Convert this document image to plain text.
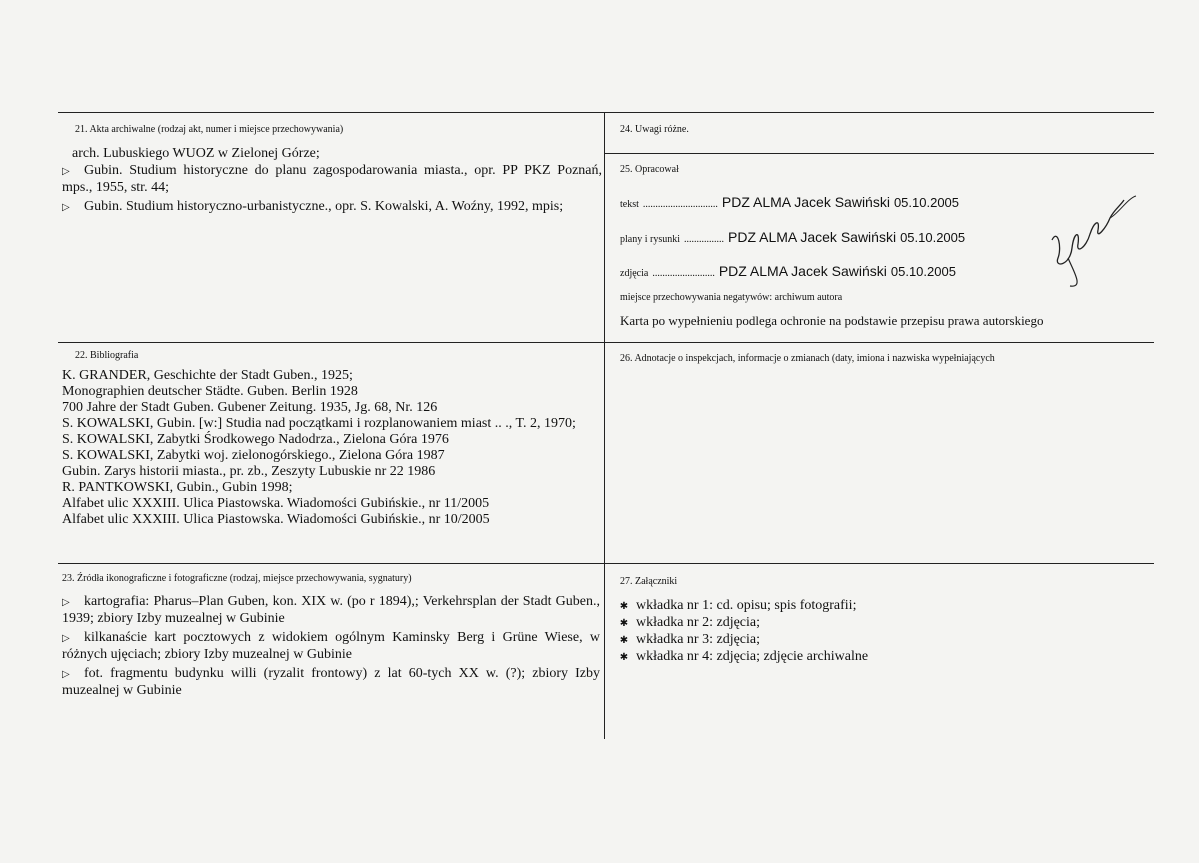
21. Akta archiwalne (rodzaj akt, numer i miejsce przechowywania)
arch. Lubuskiego WUOZ w Zielonej Górze;
▷ Gubin. Studium historyczne do planu zagospodarowania miasta., opr. PP PKZ Poznań, mps., 1955, str. 44;
▷ Gubin. Studium historyczno-urbanistyczne., opr. S. Kowalski, A. Woźny, 1992, mpis;
24. Uwagi różne.
25. Opracował
tekst .............................. PDZ ALMA Jacek Sawiński 05.10.2005
plany i rysunki ................ PDZ ALMA Jacek Sawiński 05.10.2005
zdjęcia ......................... PDZ ALMA Jacek Sawiński 05.10.2005
miejsce przechowywania negatywów: archiwum autora
Karta po wypełnieniu podlega ochronie na podstawie przepisu prawa autorskiego
22. Bibliografia
K. GRANDER, Geschichte der Stadt Guben., 1925;
Monographien deutscher Städte. Guben. Berlin 1928
700 Jahre der Stadt Guben. Gubener Zeitung. 1935, Jg. 68, Nr. 126
S. KOWALSKI, Gubin. [w:] Studia nad początkami i rozplanowaniem miast .. ., T. 2, 1970;
S. KOWALSKI, Zabytki Środkowego Nadodrza., Zielona Góra 1976
S. KOWALSKI, Zabytki woj. zielonogórskiego., Zielona Góra 1987
Gubin. Zarys historii miasta., pr. zb., Zeszyty Lubuskie nr 22 1986
R. PANTKOWSKI, Gubin., Gubin 1998;
Alfabet ulic XXXIII. Ulica Piastowska. Wiadomości Gubińskie., nr 11/2005
Alfabet ulic XXXIII. Ulica Piastowska. Wiadomości Gubińskie., nr 10/2005
26. Adnotacje o inspekcjach, informacje o zmianach (daty, imiona i nazwiska wypełniających
23. Źródła ikonograficzne i fotograficzne (rodzaj, miejsce przechowywania, sygnatury)
▷ kartografia: Pharus–Plan Guben, kon. XIX w. (po r 1894),; Verkehrsplan der Stadt Guben., 1939; zbiory Izby muzealnej w Gubinie
▷ kilkanaście kart pocztowych z widokiem ogólnym Kaminsky Berg i Grüne Wiese, w różnych ujęciach; zbiory Izby muzealnej w Gubinie
▷ fot. fragmentu budynku willi (ryzalit frontowy) z lat 60-tych XX w. (?); zbiory Izby muzealnej w Gubinie
27. Załączniki
✱ wkładka nr 1: cd. opisu; spis fotografii;
✱ wkładka nr 2: zdjęcia;
✱ wkładka nr 3: zdjęcia;
✱ wkładka nr 4: zdjęcia; zdjęcie archiwalne
